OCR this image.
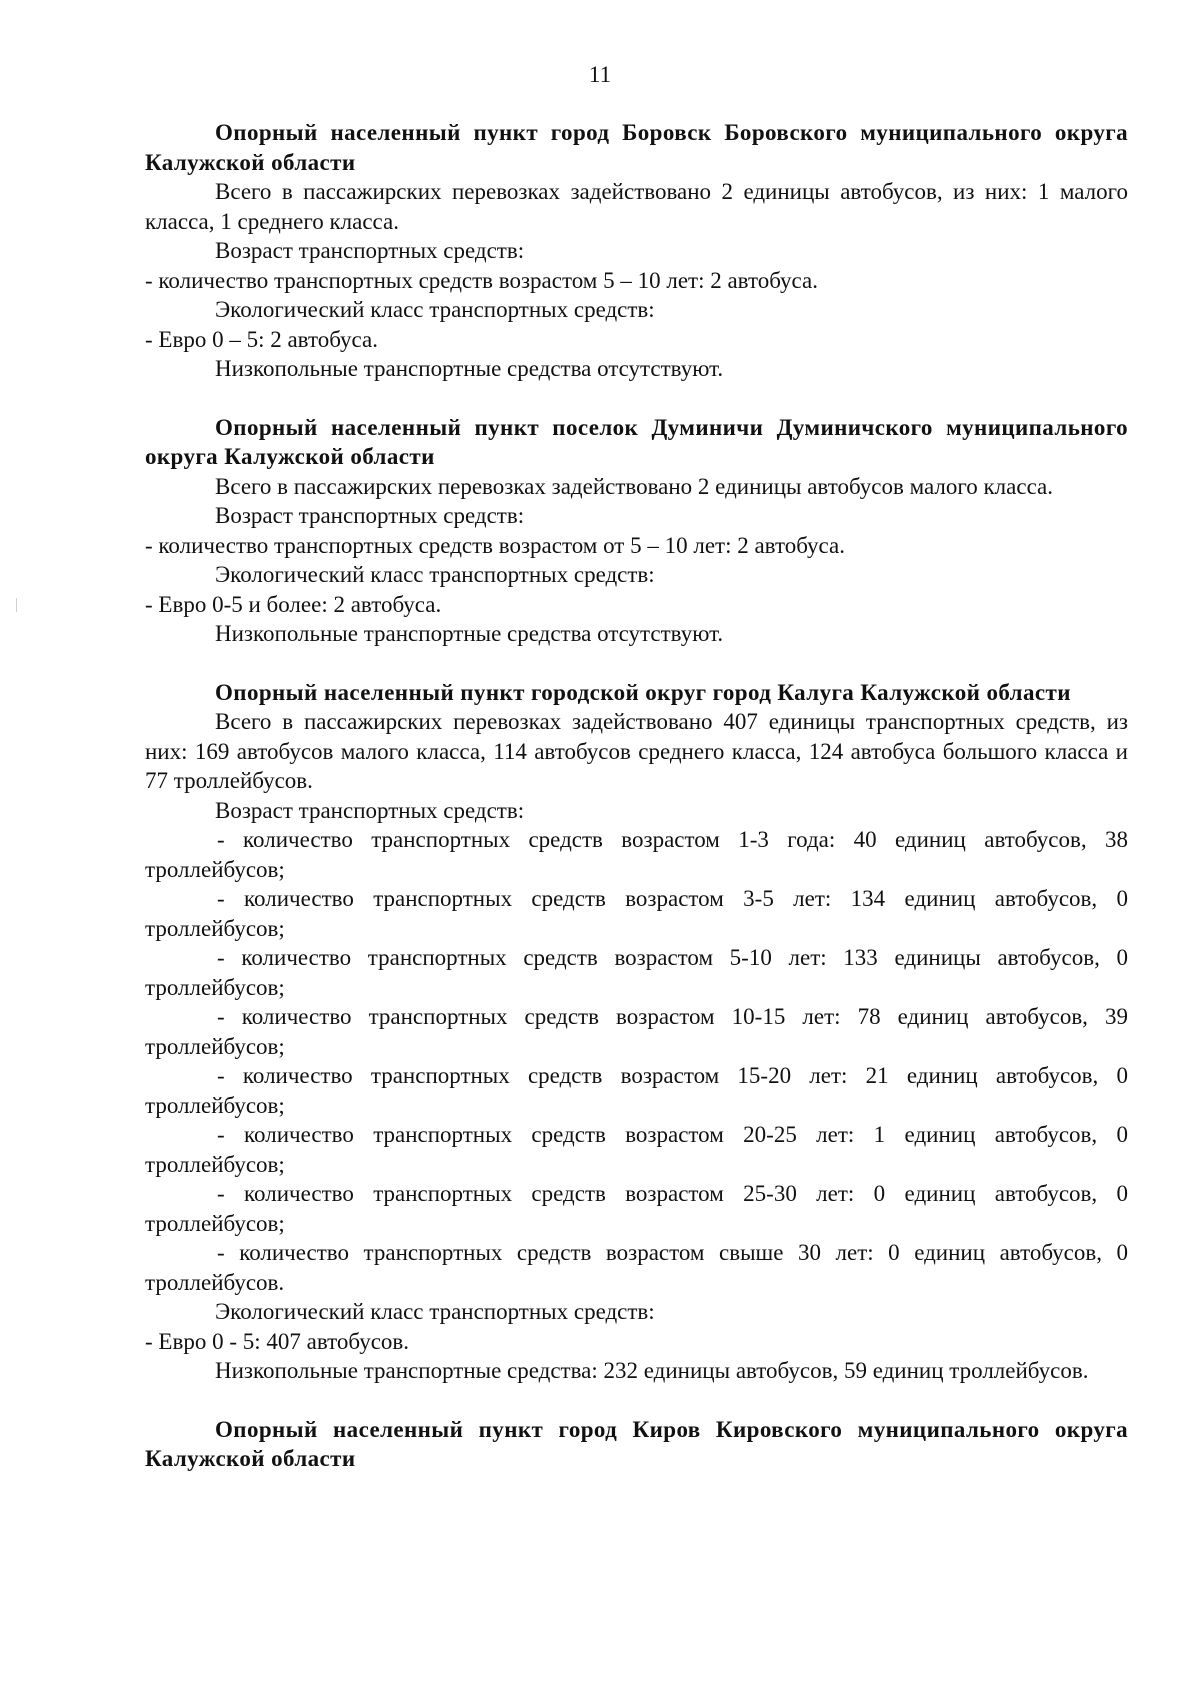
11
Опорный населенный пункт город Боровск Боровского муниципального округа Калужской области
Всего в пассажирских перевозках задействовано 2 единицы автобусов, из них: 1 малого класса, 1 среднего класса.
Возраст транспортных средств:
- количество транспортных средств возрастом 5 – 10 лет: 2 автобуса.
Экологический класс транспортных средств:
- Евро 0 – 5: 2 автобуса.
Низкопольные транспортные средства отсутствуют.
Опорный населенный пункт поселок Думиничи Думиничского муниципального округа Калужской области
Всего в пассажирских перевозках задействовано 2 единицы автобусов малого класса.
Возраст транспортных средств:
- количество транспортных средств возрастом от 5 – 10 лет: 2 автобуса.
Экологический класс транспортных средств:
- Евро 0-5 и более: 2 автобуса.
Низкопольные транспортные средства отсутствуют.
Опорный населенный пункт городской округ город Калуга Калужской области
Всего в пассажирских перевозках задействовано 407 единицы транспортных средств, из них: 169 автобусов малого класса, 114 автобусов среднего класса, 124 автобуса большого класса и 77 троллейбусов.
Возраст транспортных средств:
- количество транспортных средств возрастом 1-3 года: 40 единиц автобусов, 38 троллейбусов;
- количество транспортных средств возрастом 3-5 лет: 134 единиц автобусов, 0 троллейбусов;
- количество транспортных средств возрастом 5-10 лет: 133 единицы автобусов, 0 троллейбусов;
- количество транспортных средств возрастом 10-15 лет: 78 единиц автобусов, 39 троллейбусов;
- количество транспортных средств возрастом 15-20 лет: 21 единиц автобусов, 0 троллейбусов;
- количество транспортных средств возрастом 20-25 лет: 1 единиц автобусов, 0 троллейбусов;
- количество транспортных средств возрастом 25-30 лет: 0 единиц автобусов, 0 троллейбусов;
- количество транспортных средств возрастом свыше 30 лет: 0 единиц автобусов, 0 троллейбусов.
Экологический класс транспортных средств:
- Евро 0 - 5: 407 автобусов.
Низкопольные транспортные средства: 232 единицы автобусов, 59 единиц троллейбусов.
Опорный населенный пункт город Киров Кировского муниципального округа Калужской области
